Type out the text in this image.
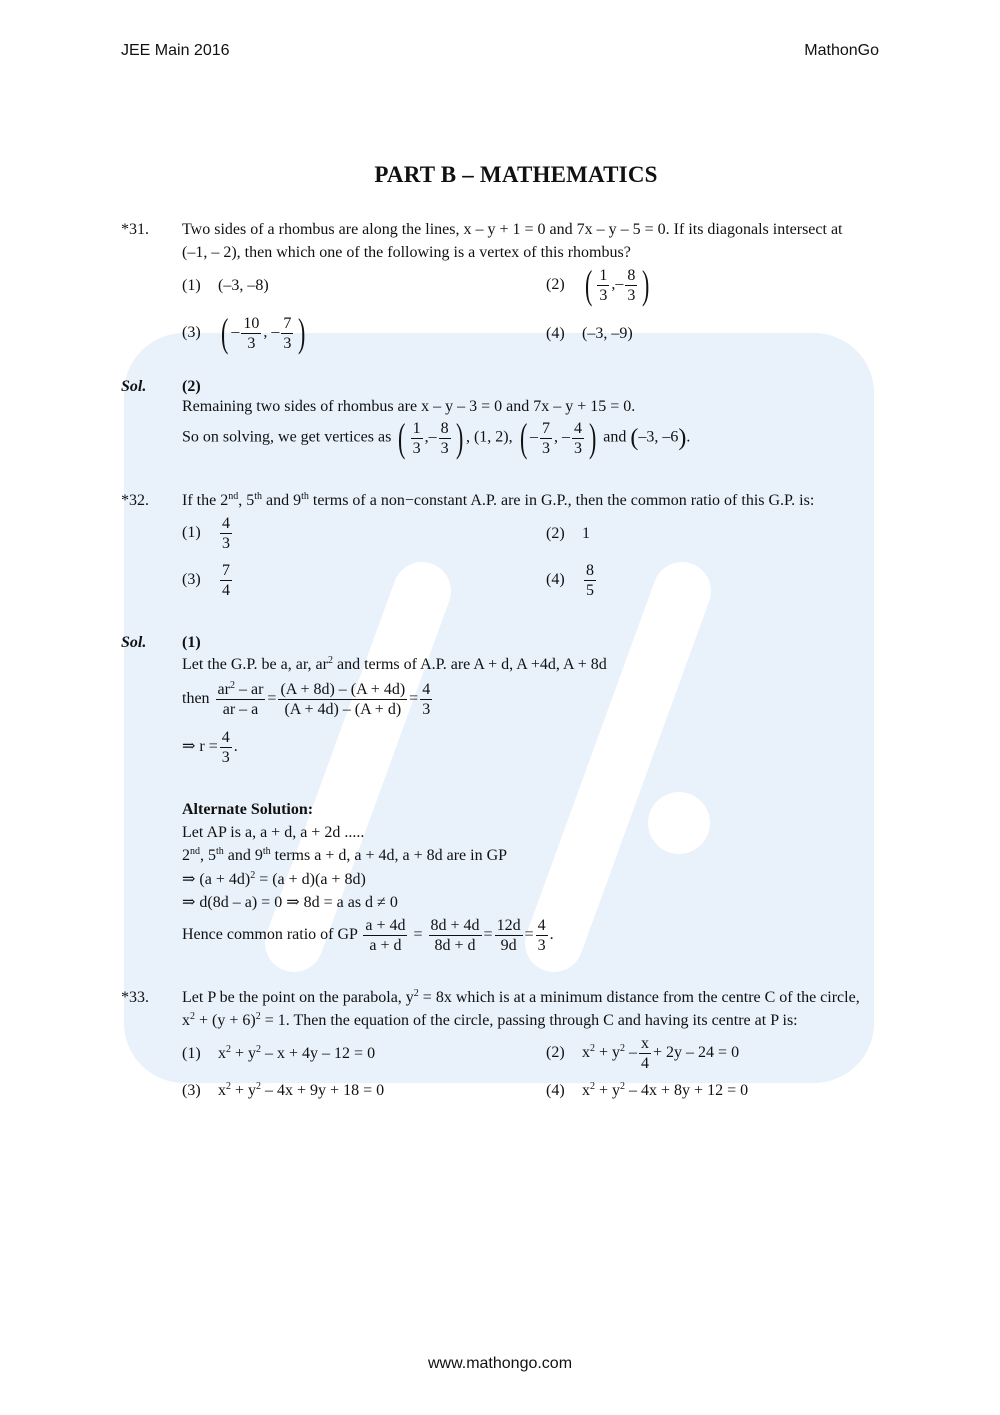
JEE Main 2016	MathonGo
PART B – MATHEMATICS
*31. Two sides of a rhombus are along the lines, x – y + 1 = 0 and 7x – y – 5 = 0. If its diagonals intersect at
(–1, – 2), then which one of the following is a vertex of this rhombus?
(1) (–3, –8)	(2) ( $\frac{1}{3}$ ,– $\frac{8}{3}$ )
(3) ( – $\frac{10}{3}$ , – $\frac{7}{3}$ )	(4) (–3, –9)
Sol. (2)
Remaining two sides of rhombus are x – y – 3 = 0 and 7x – y + 15 = 0.
So on solving, we get vertices as ( $\frac{1}{3}$ ,– $\frac{8}{3}$ ) , (1, 2), ( – $\frac{7}{3}$ , – $\frac{4}{3}$ ) and (–3, –6).
*32. If the 2nd, 5th and 9th terms of a non−constant A.P. are in G.P., then the common ratio of this G.P. is:
$(1) \frac{4}{3}$	(2) 1
$(3) \frac{7}{4}$	$(4) \frac{8}{5}$
Sol. (1)
Let the G.P. be a, ar, $ar^2$ and terms of A.P. are A + d, A +4d, A + 8d
then $\frac{ar^2 - ar}{ar - a} = \frac{(A + 8d) - (A + 4d)}{(A + 4d) - (A + d)} = \frac{4}{3}$
⇒ $r = \frac{4}{3}$ .
Alternate Solution:
Let AP is a, a + d, a + 2d .....
2nd, 5th and 9th terms a + d, a + 4d, a + 8d are in GP
⇒ $(a + 4d)^2 = (a + d)(a + 8d)$
⇒ d(8d – a) = 0 ⇒ 8d = a as d ≠ 0
Hence common ratio of GP $\frac{a + 4d}{a + d} = \frac{8d + 4d}{8d + d} = \frac{12d}{9d} = \frac{4}{3}$ .
*33. Let P be the point on the parabola, $y^2 = 8x$ which is at a minimum distance from the centre C of the circle,
$x^2 + (y + 6)^2 = 1$. Then the equation of the circle, passing through C and having its centre at P is:
(1) $x^2 + y^2 - x + 4y - 12 = 0$	(2) $x^2 + y^2 - \frac{x}{4} + 2y - 24 = 0$
(3) $x^2 + y^2 - 4x + 9y + 18 = 0$	(4) $x^2 + y^2 - 4x + 8y + 12 = 0$
www.mathongo.com
